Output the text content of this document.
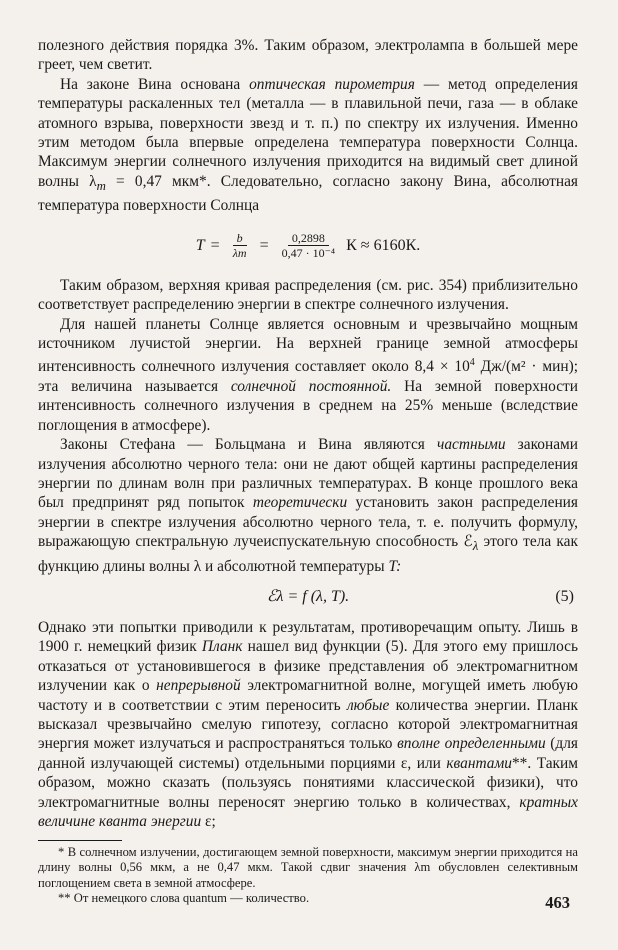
полезного действия порядка 3%. Таким образом, электролампа в большей мере греет, чем светит.

На законе Вина основана оптическая пирометрия — метод определения температуры раскаленных тел (металла — в плавильной печи, газа — в облаке атомного взрыва, поверхности звезд и т. п.) по спектру их излучения. Именно этим методом была впервые определена температура поверхности Солнца. Максимум энергии солнечного излучения приходится на видимый свет длиной волны $\lambda_m = 0,47$ мкм*. Следовательно, согласно закону Вина, абсолютная температура поверхности Солнца

$T = \frac{b}{\lambda m} = \frac{0,2898}{\text{0,47 · 10⁻⁴}}$ К ≈ 6160К.

Таким образом, верхняя кривая распределения (см. рис. 354) приблизительно соответствует распределению энергии в спектре солнечного излучения.

Для нашей планеты Солнце является основным и чрезвычайно мощным источником лучистой энергии. На верхней границе земной атмосферы интенсивность солнечного излучения составляет около $8,4 \times 10^4$ Дж/(м² · мин); эта величина называется солнечной постоянной. На земной поверхности интенсивность солнечного излучения в среднем на 25% меньше (вследствие поглощения в атмосфере).

Законы Стефана — Больцмана и Вина являются частными законами излучения абсолютно черного тела: они не дают общей картины распределения энергии по длинам волн при различных температурах. В конце прошлого века был предпринят ряд попыток теоретически установить закон распределения энергии в спектре излучения абсолютно черного тела, т. е. получить формулу, выражающую спектральную лучеиспускательную способность ℰ$_\lambda$ этого тела как функцию длины волны λ и абсолютной температуры T:

ℰλ = f (λ, T).	(5)

Однако эти попытки приводили к результатам, противоречащим опыту. Лишь в 1900 г. немецкий физик Планк нашел вид функции (5). Для этого ему пришлось отказаться от установившегося в физике представления об электромагнитном излучении как о непрерывной электромагнитной волне, могущей иметь любую частоту и в соответствии с этим переносить любые количества энергии. Планк высказал чрезвычайно смелую гипотезу, согласно которой электромагнитная энергия может излучаться и распространяться только вполне определенными (для данной излучающей системы) отдельными порциями ε, или квантами**. Таким образом, можно сказать (пользуясь понятиями классической физики), что электромагнитные волны переносят энергию только в количествах, кратных величине кванта энергии ε;

* В солнечном излучении, достигающем земной поверхности, максимум энергии приходится на длину волны 0,56 мкм, а не 0,47 мкм. Такой сдвиг значения λm обусловлен селективным поглощением света в земной атмосфере.

** От немецкого слова quantum — количество.	463
